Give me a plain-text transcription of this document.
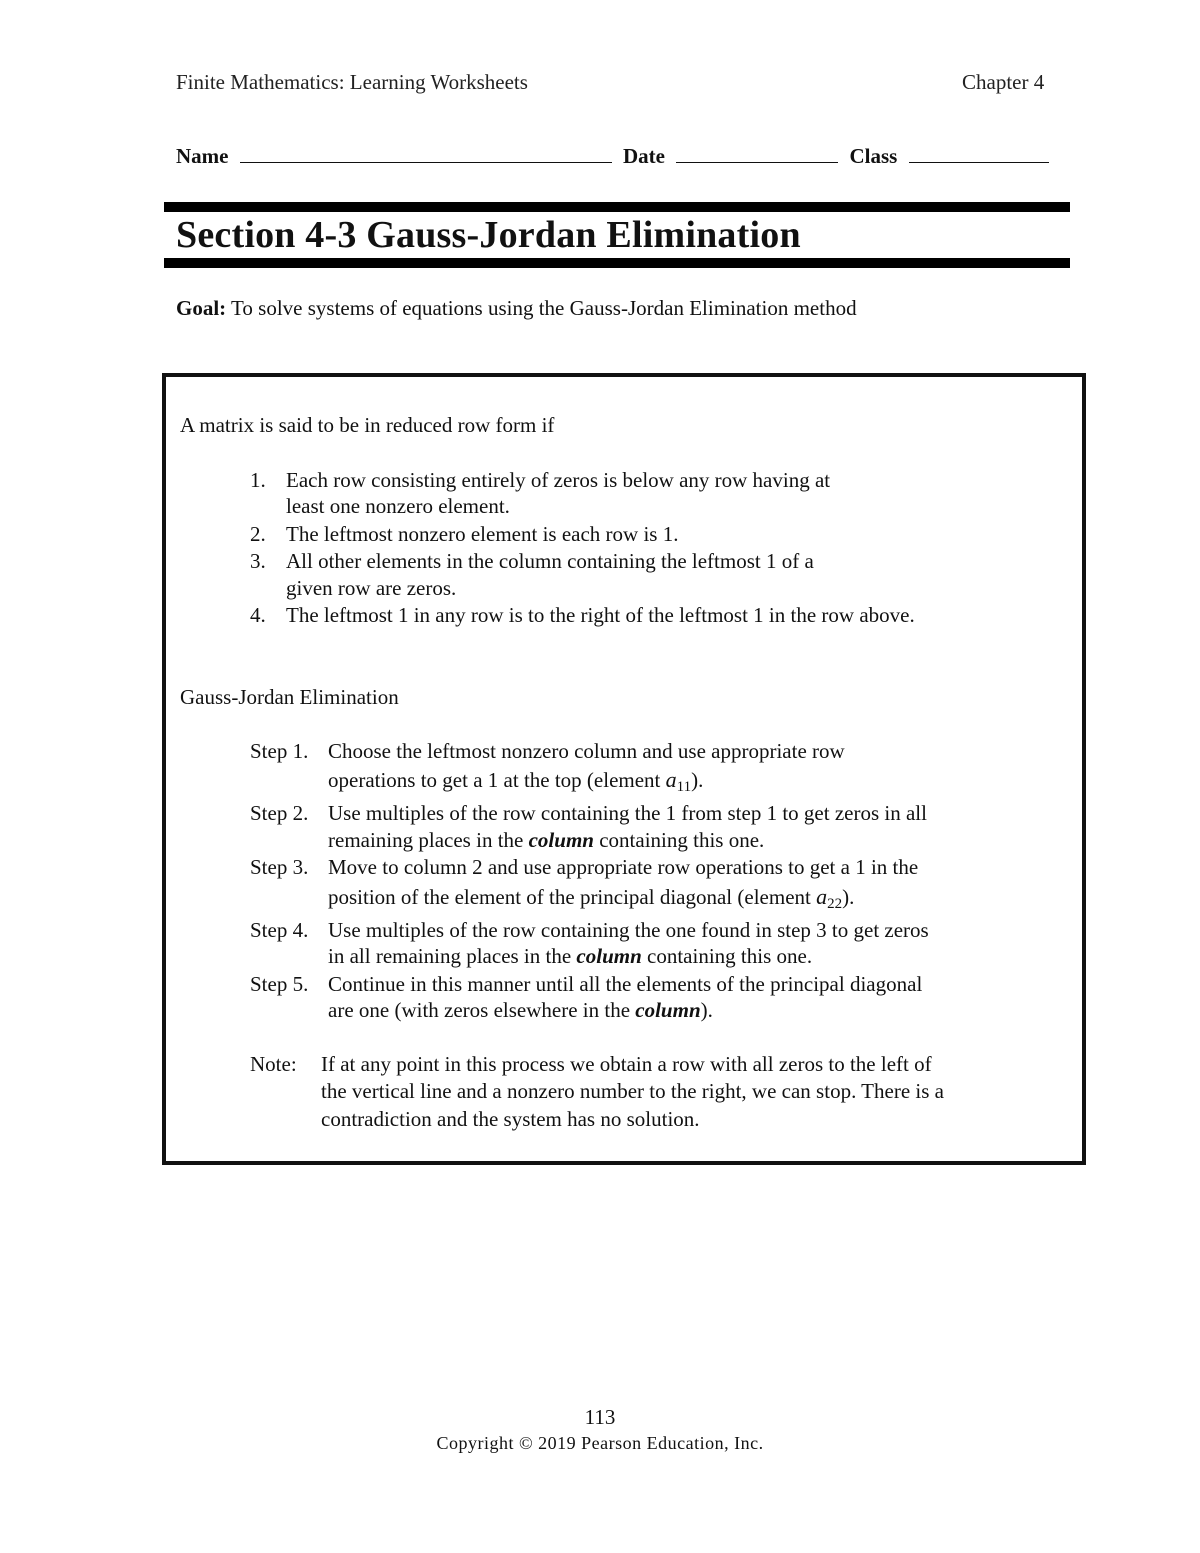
Finite Mathematics: Learning Worksheets	Chapter 4
Name	Date	Class
Section 4-3 Gauss-Jordan Elimination
Goal: To solve systems of equations using the Gauss-Jordan Elimination method
A matrix is said to be in reduced row form if
1. Each row consisting entirely of zeros is below any row having at
least one nonzero element.
2. The leftmost nonzero element is each row is 1.
3. All other elements in the column containing the leftmost 1 of a
given row are zeros.
4. The leftmost 1 in any row is to the right of the leftmost 1 in the row above.
Gauss-Jordan Elimination
Step 1. Choose the leftmost nonzero column and use appropriate row
operations to get a 1 at the top (element a11).
Step 2. Use multiples of the row containing the 1 from step 1 to get zeros in all
remaining places in the column containing this one.
Step 3. Move to column 2 and use appropriate row operations to get a 1 in the
position of the element of the principal diagonal (element a22).
Step 4. Use multiples of the row containing the one found in step 3 to get zeros
in all remaining places in the column containing this one.
Step 5. Continue in this manner until all the elements of the principal diagonal
are one (with zeros elsewhere in the column).
Note: If at any point in this process we obtain a row with all zeros to the left of
the vertical line and a nonzero number to the right, we can stop. There is a
contradiction and the system has no solution.
113
Copyright © 2019 Pearson Education, Inc.
